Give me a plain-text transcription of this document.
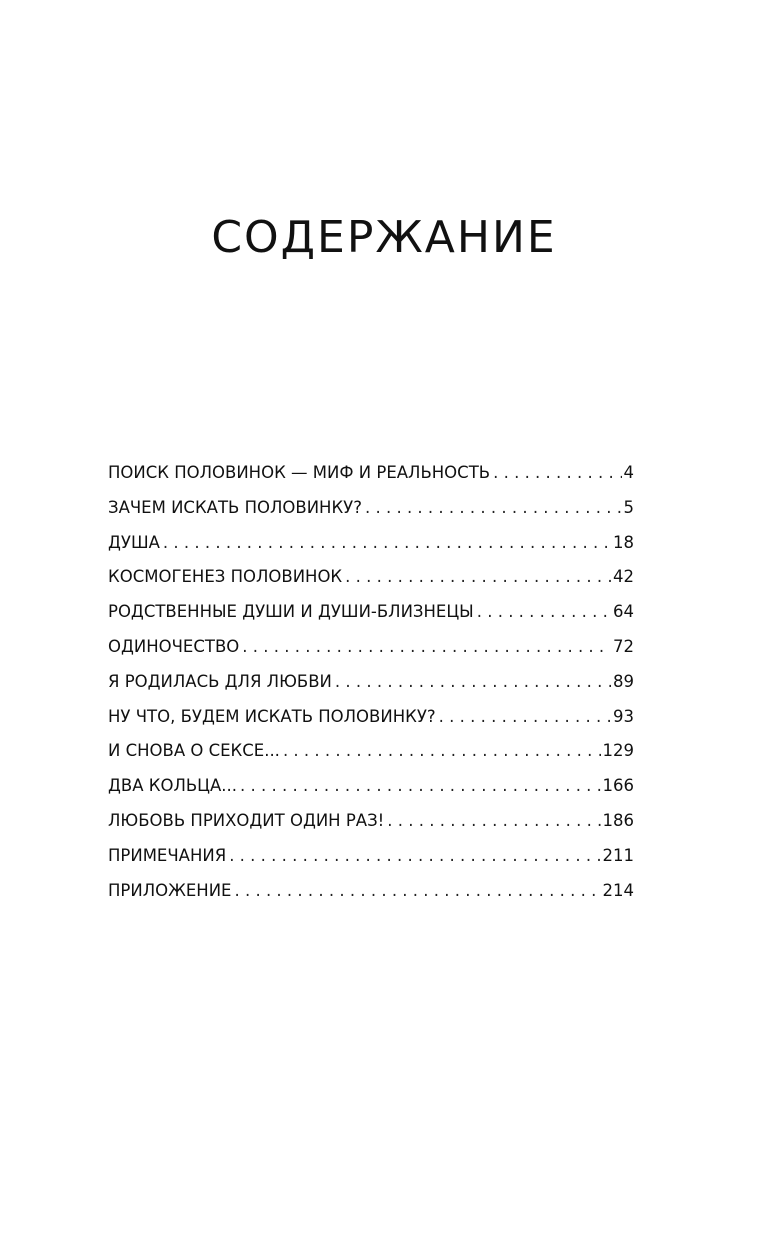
СОДЕРЖАНИЕ
ПОИСК ПОЛОВИНОК — МИФ И РЕАЛЬНОСТЬ . . .	4
ЗАЧЕМ ИСКАТЬ ПОЛОВИНКУ? . . .	5
ДУША . . .	18
КОСМОГЕНЕЗ ПОЛОВИНОК . . .	42
РОДСТВЕННЫЕ ДУШИ И ДУШИ-БЛИЗНЕЦЫ . . .	64
ОДИНОЧЕСТВО . . .	72
Я РОДИЛАСЬ ДЛЯ ЛЮБВИ . . .	89
НУ ЧТО, БУДЕМ ИСКАТЬ ПОЛОВИНКУ? . . .	93
И СНОВА О СЕКСЕ... . . .	129
ДВА КОЛЬЦА... . . .	166
ЛЮБОВЬ ПРИХОДИТ ОДИН РАЗ! . . .	186
ПРИМЕЧАНИЯ . . .	211
ПРИЛОЖЕНИЕ . . .	214
